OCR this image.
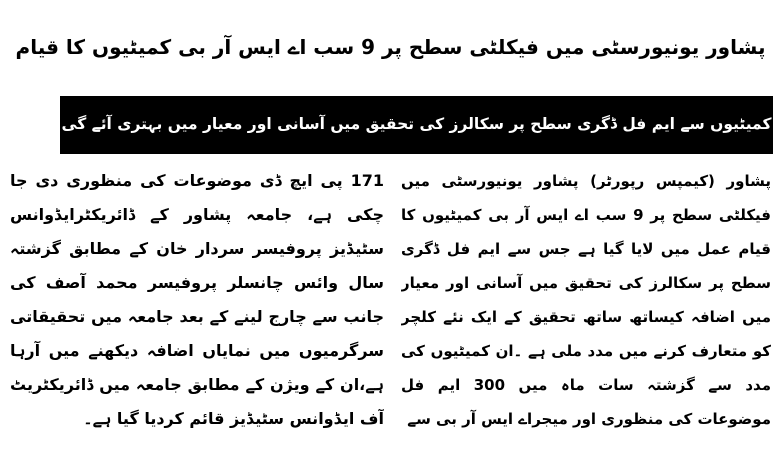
پشاور یونیورسٹی میں فیکلٹی سطح پر 9 سب اے ایس آر بی کمیٹیوں کا قیام
کمیٹیوں سے ایم فل ڈگری سطح پر سکالرز کی تحقیق میں آسانی اور معیار میں بہتری آئے گی
پشاور (کیمپس رپورٹر) پشاور یونیورسٹی میں فیکلٹی سطح پر 9 سب اے ایس آر بی کمیٹیوں کا قیام عمل میں لایا گیا ہے جس سے ایم فل ڈگری سطح پر سکالرز کی تحقیق میں آسانی اور معیار میں اضافہ کیساتھ ساتھ تحقیق کے ایک نئے کلچر کو متعارف کرنے میں مدد ملی ہے ۔ان کمیٹیوں کی مدد سے گزشتہ سات ماہ میں 300 ایم فل موضوعات کی منظوری اور میجراے ایس آر بی سے
171 پی ایچ ڈی موضوعات کی منظوری دی جا چکی ہے، جامعہ پشاور کے ڈائریکٹرایڈوانس سٹیڈیز پروفیسر سردار خان کے مطابق گزشتہ سال وائس چانسلر پروفیسر محمد آصف کی جانب سے چارج لینے کے بعد جامعہ میں تحقیقاتی سرگرمیوں میں نمایاں اضافہ دیکھنے میں آرہا ہے،ان کے ویژن کے مطابق جامعہ میں ڈائریکٹریٹ آف ایڈوانس سٹیڈیز قائم کردیا گیا ہے۔
